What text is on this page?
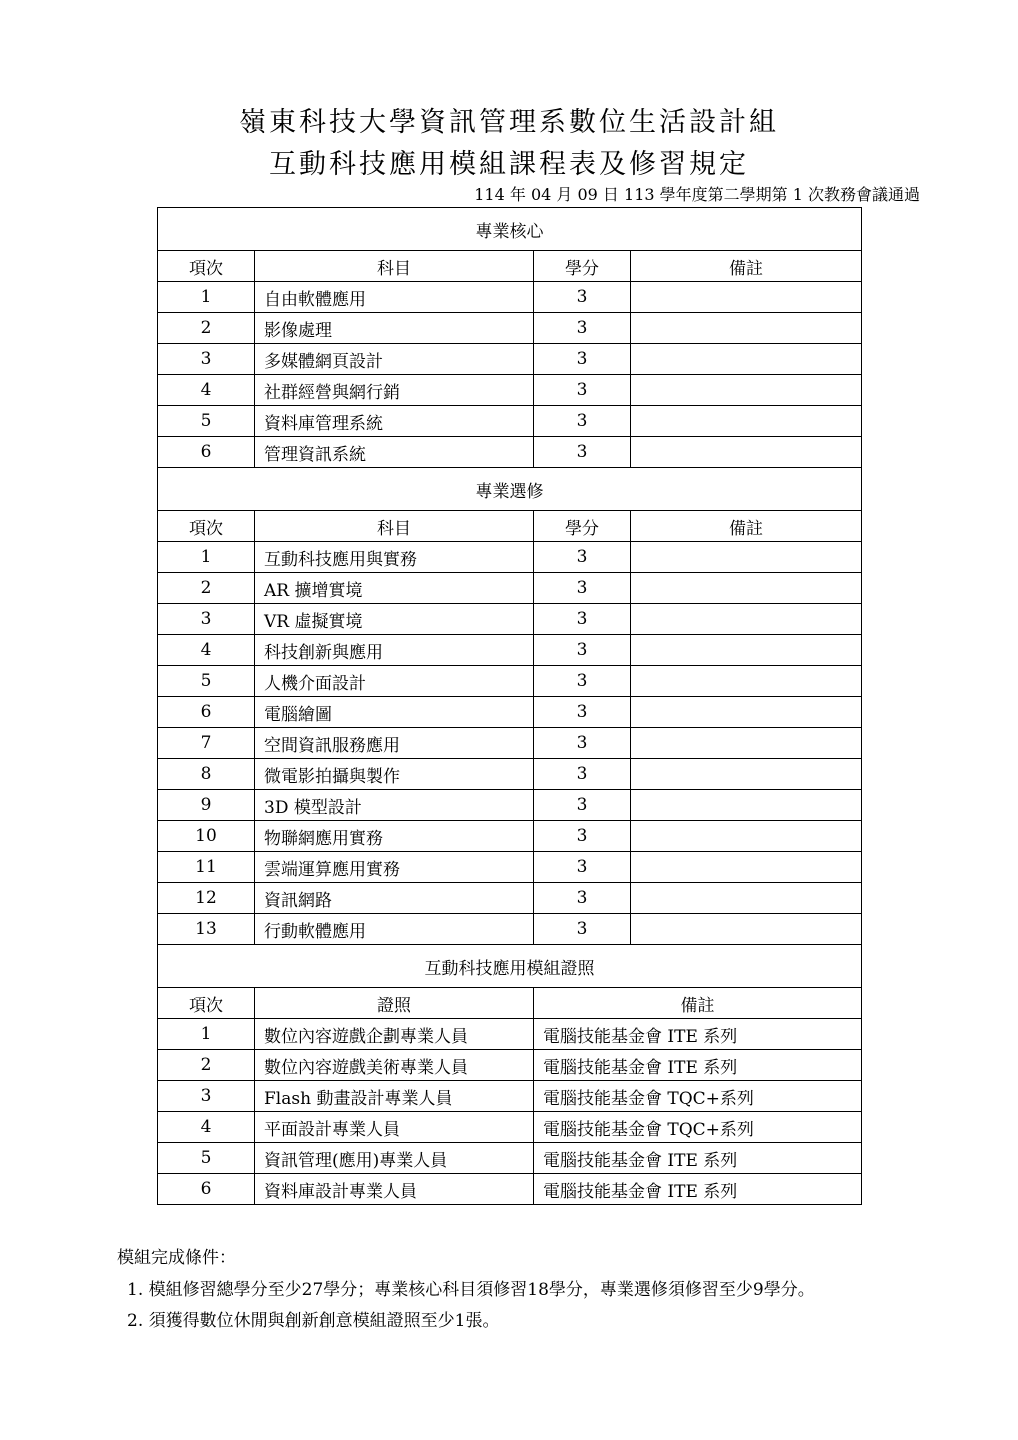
嶺東科技大學資訊管理系數位生活設計組
互動科技應用模組課程表及修習規定
114 年 04 月 09 日 113 學年度第二學期第 1 次教務會議通過
專業核心			
項次	科目	學分	備註
1	自由軟體應用	3	
2	影像處理	3	
3	多媒體網頁設計	3	
4	社群經營與網行銷	3	
5	資料庫管理系統	3	
6	管理資訊系統	3	
專業選修			
項次	科目	學分	備註
1	互動科技應用與實務	3	
2	AR 擴增實境	3	
3	VR 虛擬實境	3	
4	科技創新與應用	3	
5	人機介面設計	3	
6	電腦繪圖	3	
7	空間資訊服務應用	3	
8	微電影拍攝與製作	3	
9	3D 模型設計	3	
10	物聯網應用實務	3	
11	雲端運算應用實務	3	
12	資訊網路	3	
13	行動軟體應用	3	
互動科技應用模組證照			
項次	證照	備註	
1	數位內容遊戲企劃專業人員	電腦技能基金會 ITE 系列	
2	數位內容遊戲美術專業人員	電腦技能基金會 ITE 系列	
3	Flash 動畫設計專業人員	電腦技能基金會 TQC+系列	
4	平面設計專業人員	電腦技能基金會 TQC+系列	
5	資訊管理(應用)專業人員	電腦技能基金會 ITE 系列	
6	資料庫設計專業人員	電腦技能基金會 ITE 系列	
模組完成條件：
1. 模組修習總學分至少27學分；專業核心科目須修習18學分，專業選修須修習至少9學分。
2. 須獲得數位休閒與創新創意模組證照至少1張。
